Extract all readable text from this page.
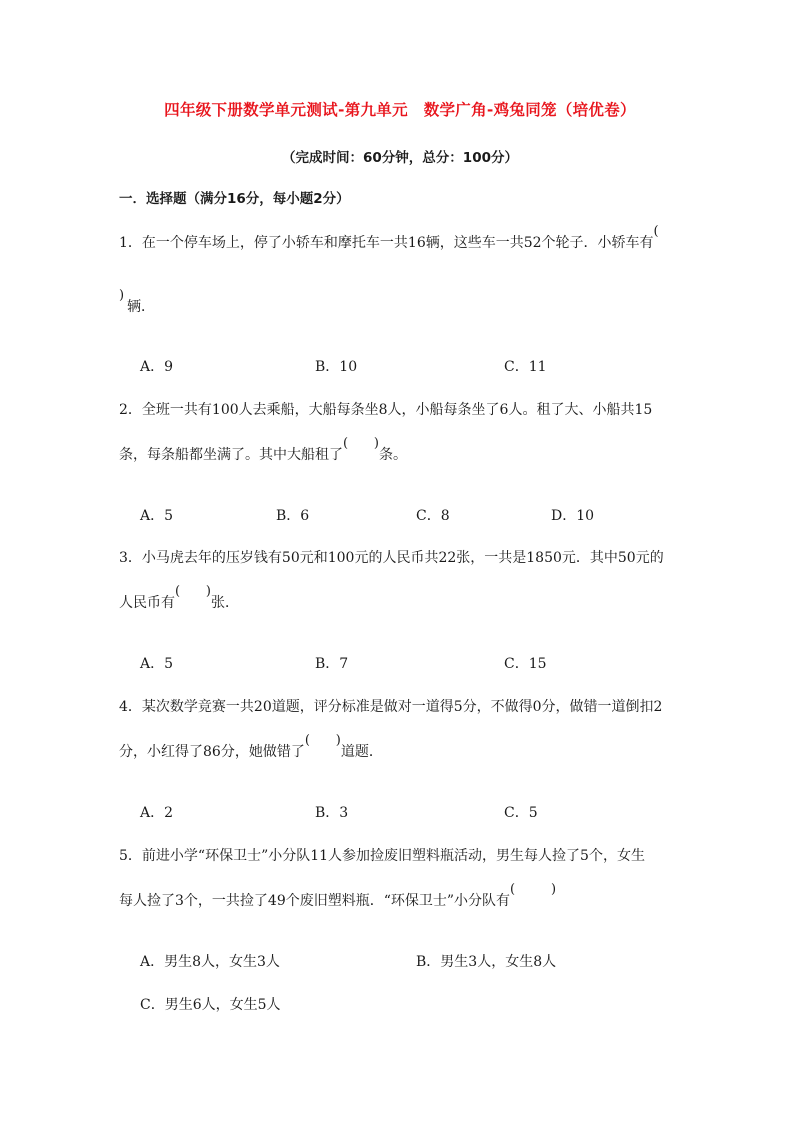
四年级下册数学单元测试-第九单元　数学广角-鸡兔同笼（培优卷）
（完成时间：60分钟，总分：100分）
一．选择题（满分16分，每小题2分）
1．在一个停车场上，停了小轿车和摩托车一共16辆，这些车一共52个轮子．小轿车有
(
)
辆．
A．9	B．10	C．11
2．全班一共有100人去乘船，大船每条坐8人，小船每条坐了6人。租了大、小船共15
条，每条船都坐满了。其中大船租了
( )
条。
A．5	B．6	C．8	D．10
3．小马虎去年的压岁钱有50元和100元的人民币共22张，一共是1850元．其中50元的
人民币有
( )
张．
A．5	B．7	C．15
4．某次数学竞赛一共20道题，评分标准是做对一道得5分，不做得0分，做错一道倒扣2
分，小红得了86分，她做错了
( )
道题．
A．2	B．3	C．5
5．前进小学“环保卫士”小分队11人参加捡废旧塑料瓶活动，男生每人捡了5个，女生
每人捡了3个，一共捡了49个废旧塑料瓶．“环保卫士”小分队有
(	)
A．男生8人，女生3人	B．男生3人，女生8人
C．男生6人，女生5人
